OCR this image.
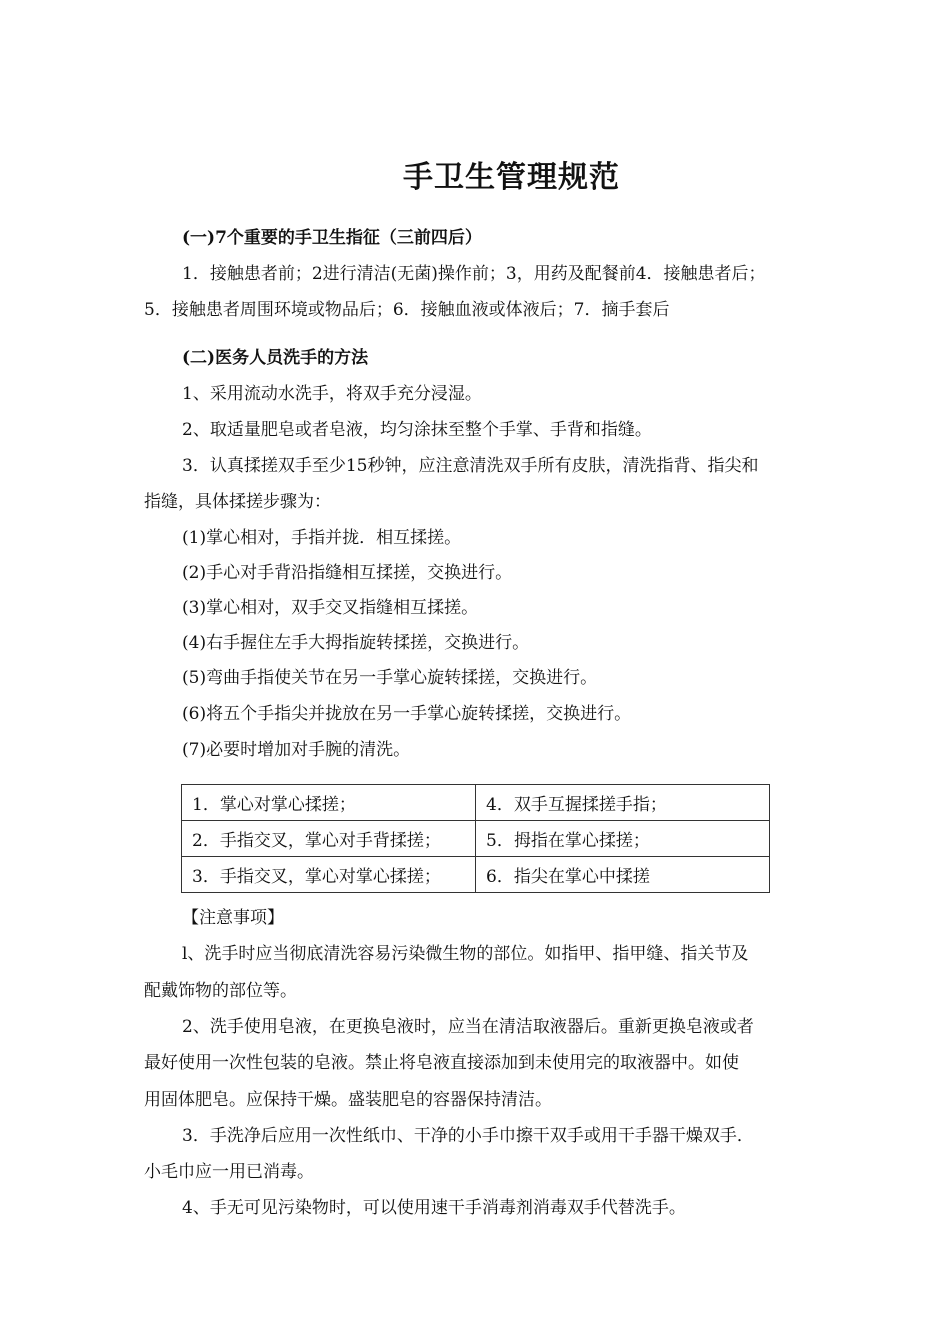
手卫生管理规范
(一)7个重要的手卫生指征（三前四后）
1．接触患者前；2进行清洁(无菌)操作前；3，用药及配餐前4．接触患者后；
5．接触患者周围环境或物品后；6．接触血液或体液后；7．摘手套后
(二)医务人员洗手的方法
1、采用流动水洗手，将双手充分浸湿。
2、取适量肥皂或者皂液，均匀涂抹至整个手掌、手背和指缝。
3．认真揉搓双手至少15秒钟，应注意清洗双手所有皮肤，清洗指背、指尖和
指缝，具体揉搓步骤为：
(1)掌心相对，手指并拢．相互揉搓。
(2)手心对手背沿指缝相互揉搓，交换进行。
(3)掌心相对，双手交叉指缝相互揉搓。
(4)右手握住左手大拇指旋转揉搓，交换进行。
(5)弯曲手指使关节在另一手掌心旋转揉搓，交换进行。
(6)将五个手指尖并拢放在另一手掌心旋转揉搓，交换进行。
(7)必要时增加对手腕的清洗。
1．掌心对掌心揉搓；	4．双手互握揉搓手指；
2．手指交叉，掌心对手背揉搓；	5．拇指在掌心揉搓；
3．手指交叉，掌心对掌心揉搓；	6．指尖在掌心中揉搓
【注意事项】
l、洗手时应当彻底清洗容易污染微生物的部位。如指甲、指甲缝、指关节及
配戴饰物的部位等。
2、洗手使用皂液，在更换皂液时，应当在清洁取液器后。重新更换皂液或者
最好使用一次性包装的皂液。禁止将皂液直接添加到未使用完的取液器中。如使
用固体肥皂。应保持干燥。盛装肥皂的容器保持清洁。
3．手洗净后应用一次性纸巾、干净的小手巾擦干双手或用干手器干燥双手．
小毛巾应一用已消毒。
4、手无可见污染物时，可以使用速干手消毒剂消毒双手代替洗手。
